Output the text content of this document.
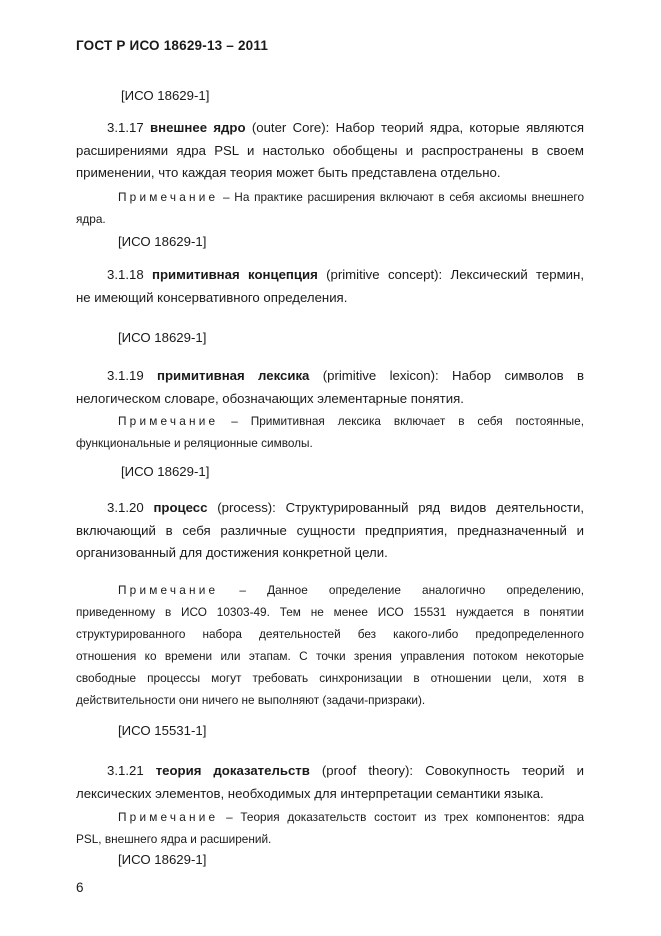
ГОСТ Р ИСО 18629-13 – 2011
[ИСО 18629-1]
3.1.17 внешнее ядро (outer Core): Набор теорий ядра, которые являются
расширениями ядра PSL и настолько обобщены и распространены в своем
применении, что каждая теория может быть представлена отдельно.
Примечание – На практике расширения включают в себя аксиомы внешнего
ядра.
[ИСО 18629-1]
3.1.18 примитивная концепция (primitive concept): Лексический термин,
не имеющий консервативного определения.
[ИСО 18629-1]
3.1.19 примитивная лексика (primitive lexicon): Набор символов в
нелогическом словаре, обозначающих элементарные понятия.
Примечание – Примитивная лексика включает в себя постоянные,
функциональные и реляционные символы.
[ИСО 18629-1]
3.1.20 процесс (process): Структурированный ряд видов деятельности,
включающий в себя различные сущности предприятия, предназначенный и
организованный для достижения конкретной цели.
Примечание – Данное определение аналогично определению,
приведенному в ИСО 10303-49. Тем не менее ИСО 15531 нуждается в понятии
структурированного набора деятельностей без какого-либо предопределенного
отношения ко времени или этапам. С точки зрения управления потоком некоторые
свободные процессы могут требовать синхронизации в отношении цели, хотя в
действительности они ничего не выполняют (задачи-призраки).
[ИСО 15531-1]
3.1.21 теория доказательств (proof theory): Совокупность теорий и
лексических элементов, необходимых для интерпретации семантики языка.
Примечание – Теория доказательств состоит из трех компонентов: ядра
PSL, внешнего ядра и расширений.
[ИСО 18629-1]
6
